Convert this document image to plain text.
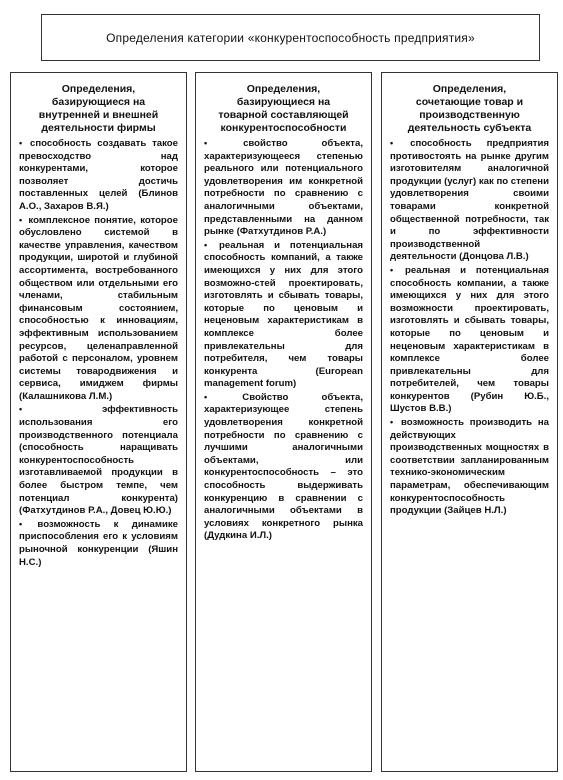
Определения категории «конкурентоспособность предприятия»
Определения,
базирующиеся на
внутренней и внешней
деятельности фирмы
• способность создавать такое превосходство над конкурентами, которое позволяет достичь поставленных целей (Блинов А.О., Захаров В.Я.)
• комплексное понятие, которое обусловлено системой в качестве управления, качеством продукции, широтой и глубиной ассортимента, востребованного обществом или отдельными его членами, стабильным финансовым состоянием, способностью к инновациям, эффективным использованием ресурсов, целенаправленной работой с персоналом, уровнем системы товародвижения и сервиса, имиджем фирмы (Калашникова Л.М.)
•	эффективность использования его производственного потенциала (способность наращивать конкурентоспособность изготавливаемой продукции в более быстром темпе, чем потенциал конкурента) (Фатхутдинов Р.А., Довец Ю.Ю.)
• возможность к динамике приспособления его к условиям рыночной конкуренции (Яшин Н.С.)
Определения,
базирующиеся на
товарной составляющей
конкурентоспособности
•	свойство объекта, характеризующееся степенью реального или потенциального удовлетворения им конкретной потребности по сравнению с аналогичными объектами, представленными на данном рынке (Фатхутдинов Р.А.)
• реальная и потенциальная способность компаний, а также имеющихся у них для этого возможно-стей проектировать, изготовлять и сбывать товары, которые по ценовым и неценовым характеристикам в комплексе более привлекательны для потребителя, чем товары конкурента (European management forum)
•	Свойство объекта, характеризующее степень удовлетворения конкретной потребности по сравнению с лучшими аналогичными объектами, или конкурентоспособность – это способность выдерживать конкуренцию в сравнении с аналогичными объектами в условиях конкретного рынка (Дудкина И.Л.)
Определения,
сочетающие товар и
производственную
деятельность субъекта
• способность предприятия противостоять на рынке другим изготовителям аналогичной продукции (услуг) как по степени удовлетворения своими товарами конкретной общественной потребности, так и по эффективности производственной деятельности (Донцова Л.В.)
• реальная и потенциальная способность компании, а также имеющихся у них для этого возможности проектировать, изготовлять и сбывать товары, которые по ценовым и неценовым характеристикам в комплексе более привлекательны для потребителей, чем товары конкурентов (Рубин Ю.Б., Шустов В.В.)
• возможность производить на действующих производственных мощностях в соответствии запланированным технико-экономическим параметрам, обеспечивающим конкурентоспособность продукции (Зайцев Н.Л.)
